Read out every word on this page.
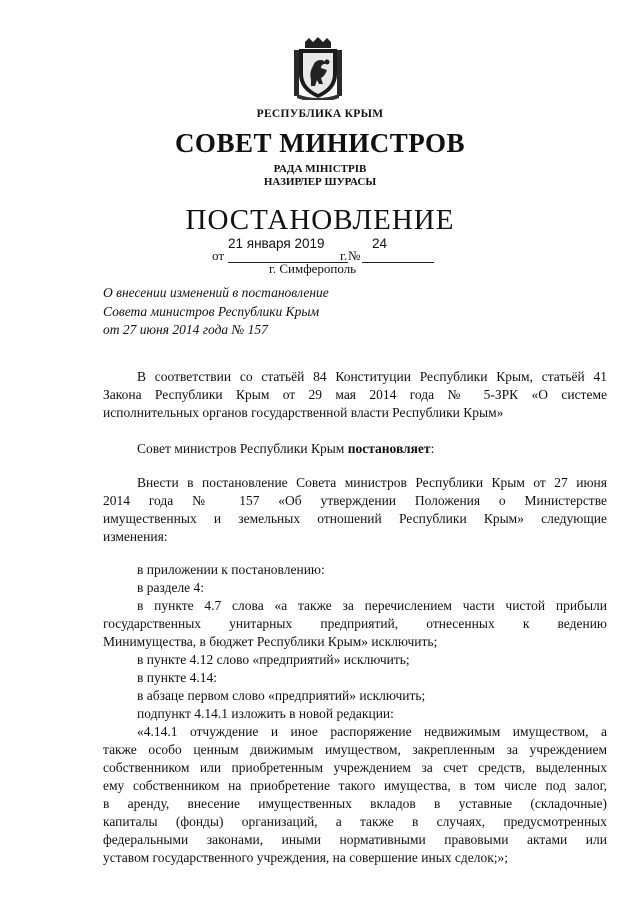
РЕСПУБЛИКА КРЫМ
СОВЕТ МИНИСТРОВ
РАДА МІНІСТРІВ
НАЗИРЛЕР ШУРАСЫ
ПОСТАНОВЛЕНИЕ
от
21 января 2019
г. №
24
г. Симферополь
О внесении изменений в постановление
Совета министров Республики Крым
от 27 июня 2014 года № 157
В соответствии со статьёй 84 Конституции Республики Крым, статьёй 41
Закона Республики Крым от 29 мая 2014 года № 5-ЗРК «О системе
исполнительных органов государственной власти Республики Крым»
Совет министров Республики Крым постановляет:
Внести в постановление Совета министров Республики Крым от 27 июня
2014 года № 157 «Об утверждении Положения о Министерстве
имущественных и земельных отношений Республики Крым» следующие
изменения:
в приложении к постановлению:
в разделе 4:
в пункте 4.7 слова «а также за перечислением части чистой прибыли
государственных унитарных предприятий, отнесенных к ведению
Минимущества, в бюджет Республики Крым» исключить;
в пункте 4.12 слово «предприятий» исключить;
в пункте 4.14:
в абзаце первом слово «предприятий» исключить;
подпункт 4.14.1 изложить в новой редакции:
«4.14.1 отчуждение и иное распоряжение недвижимым имуществом, а
также особо ценным движимым имуществом, закрепленным за учреждением
собственником или приобретенным учреждением за счет средств, выделенных
ему собственником на приобретение такого имущества, в том числе под залог,
в аренду, внесение имущественных вкладов в уставные (складочные)
капиталы (фонды) организаций, а также в случаях, предусмотренных
федеральными законами, иными нормативными правовыми актами или
уставом государственного учреждения, на совершение иных сделок;»;
